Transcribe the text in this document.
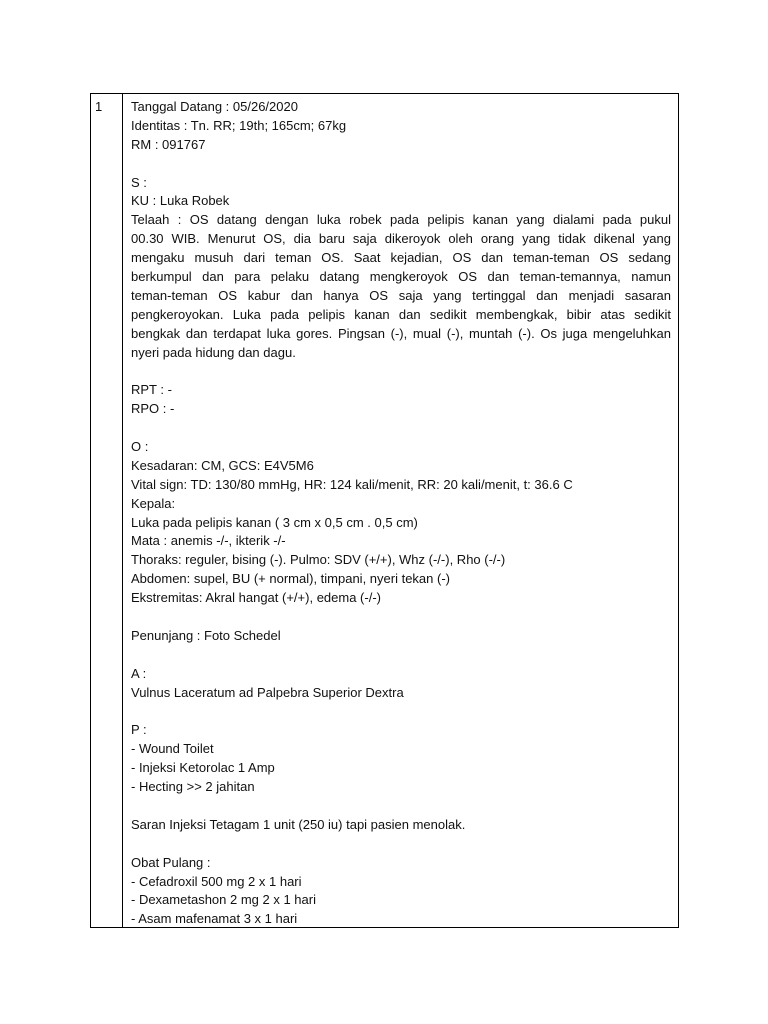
1 Tanggal Datang : 05/26/2020
Identitas : Tn. RR; 19th; 165cm; 67kg
RM : 091767
S :
KU : Luka Robek
Telaah : OS datang dengan luka robek pada pelipis kanan yang dialami pada pukul
00.30 WIB. Menurut OS, dia baru saja dikeroyok oleh orang yang tidak dikenal yang
mengaku musuh dari teman OS. Saat kejadian, OS dan teman-teman OS sedang
berkumpul dan para pelaku datang mengkeroyok OS dan teman-temannya, namun
teman-teman OS kabur dan hanya OS saja yang tertinggal dan menjadi sasaran
pengkeroyokan. Luka pada pelipis kanan dan sedikit membengkak, bibir atas sedikit
bengkak dan terdapat luka gores. Pingsan (-), mual (-), muntah (-). Os juga mengeluhkan
nyeri pada hidung dan dagu.
RPT : -
RPO : -
O :
Kesadaran: CM, GCS: E4V5M6
Vital sign: TD: 130/80 mmHg, HR: 124 kali/menit, RR: 20 kali/menit, t: 36.6 C
Kepala:
Luka pada pelipis kanan ( 3 cm x 0,5 cm . 0,5 cm)
Mata : anemis -/-, ikterik -/-
Thoraks: reguler, bising (-). Pulmo: SDV (+/+), Whz (-/-), Rho (-/-)
Abdomen: supel, BU (+ normal), timpani, nyeri tekan (-)
Ekstremitas: Akral hangat (+/+), edema (-/-)
Penunjang : Foto Schedel
A :
Vulnus Laceratum ad Palpebra Superior Dextra
P :
- Wound Toilet
- Injeksi Ketorolac 1 Amp
- Hecting >> 2 jahitan
Saran Injeksi Tetagam 1 unit (250 iu) tapi pasien menolak.
Obat Pulang :
- Cefadroxil 500 mg 2 x 1 hari
- Dexametashon 2 mg 2 x 1 hari
- Asam mafenamat 3 x 1 hari
